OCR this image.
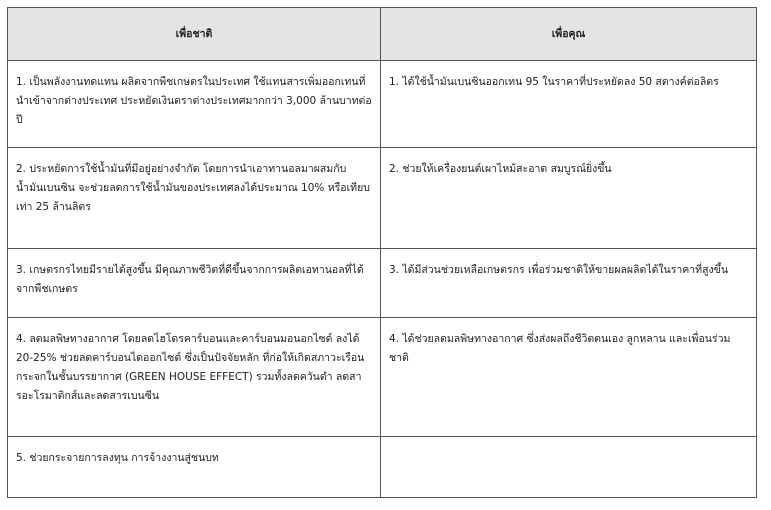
เพื่อชาติ	เพื่อคุณ

1. เป็นพลังงานทดแทน ผลิตจากพืชเกษตรในประเทศ ใช้แทนสารเพิ่มออกเทนที่นำเข้าจากต่างประเทศ ประหยัดเงินตราต่างประเทศมากกว่า 3,000 ล้านบาทต่อปี	1. ได้ใช้น้ำมันเบนซินออกเทน 95 ในราคาที่ประหยัดลง 50 สตางค์ต่อลิตร

2. ประหยัดการใช้น้ำมันที่มีอยู่อย่างจำกัด โดยการนำเอาทานอลมาผสมกับน้ำมันเบนซิน จะช่วยลดการใช้น้ำมันของประเทศลงได้ประมาณ 10% หรือเทียบเท่า 25 ล้านลิตร	2. ช่วยให้เครื่องยนต์เผาไหม้สะอาด สมบูรณ์ยิ่งขึ้น

3. เกษตรกรไทยมีรายได้สูงขึ้น มีคุณภาพชีวิตที่ดีขึ้นจากการผลิตเอทานอลที่ได้จากพืชเกษตร	3. ได้มีส่วนช่วยเหลือเกษตรกร เพื่อร่วมชาติให้ขายผลผลิตได้ในราคาที่สูงขึ้น

4. ลดมลพิษทางอากาศ โดยลดไฮโดรคาร์บอนและคาร์บอนมอนอกไซด์ ลงได้ 20-25% ช่วยลดคาร์บอนไดออกไซด์ ซึ่งเป็นปัจจัยหลัก ที่ก่อให้เกิดสภาวะเรือนกระจกในชั้นบรรยากาศ (GREEN HOUSE EFFECT) รวมทั้งลดควันดำ ลดสารอะโรมาติกส์และลดสารเบนซีน	4. ได้ช่วยลดมลพิษทางอากาศ ซึ่งส่งผลถึงชีวิตตนเอง ลูกหลาน และเพื่อนร่วมชาติ

5. ช่วยกระจายการลงทุน การจ้างงานสู่ชนบท	
